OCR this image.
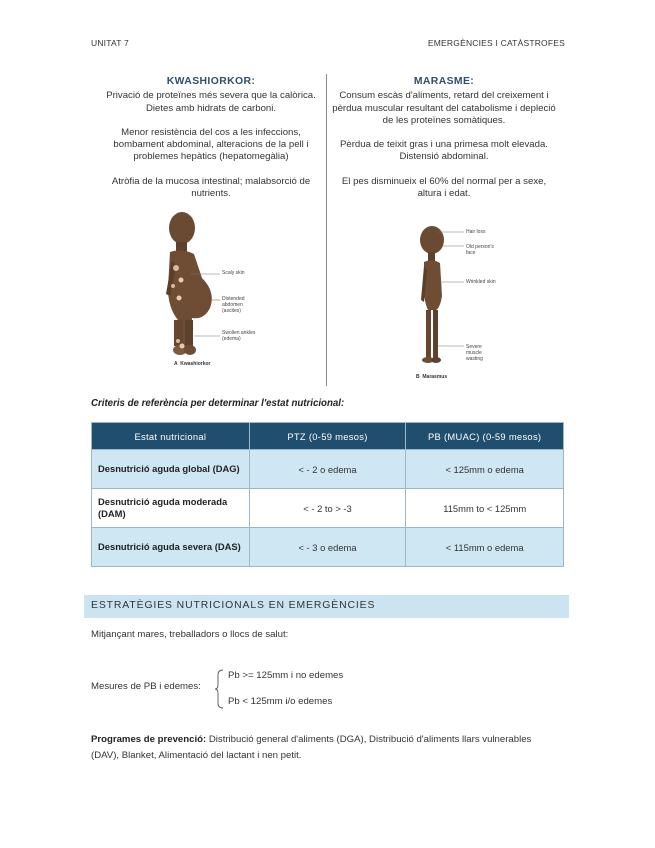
UNITAT 7	EMERGÈNCIES I CATÀSTROFES
KWASHIORKOR:

Privació de proteïnes més severa que la calòrica. Dietes amb hidrats de carboni.

Menor resistència del cos a les infeccions, bombament abdominal, alteracions de la pell i problemes hepàtics (hepatomegàlia)

Atròfia de la mucosa intestinal; malabsorció de nutrients.

MARASME:

Consum escàs d'aliments, retard del creixement i pèrdua muscular resultant del catabolisme i depleció de les proteïnes somàtiques.

Pèrdua de teixit gras i una primesa molt elevada. Distensió abdominal.

El pes disminueix el 60% del normal per a sexe, altura i edat.

Scaly skin
Distended abdomen (ascites)
Swollen ankles (edema)
A  Kwashiorkor
Hair loss
Old person's face
Wrinkled skin
Severe muscle wasting
B  Marasmus
Criteris de referència per determinar l'estat nutricional:
Estat nutricional	PTZ (0-59 mesos)	PB (MUAC) (0-59 mesos)
Desnutrició aguda global (DAG)	< - 2 o edema	< 125mm o edema
Desnutrició aguda moderada (DAM)	< - 2 to > -3	115mm to < 125mm
Desnutrició aguda severa (DAS)	< - 3 o edema	< 115mm o edema
ESTRATÈGIES NUTRICIONALS EN EMERGÈNCIES
Mitjançant mares, treballadors o llocs de salut:
Mesures de PB i edemes:
Pb >= 125mm i no edemes
Pb < 125mm i/o edemes
Programes de prevenció: Distribució general d'aliments (DGA), Distribució d'aliments llars vulnerables (DAV), Blanket, Alimentació del lactant i nen petit.
